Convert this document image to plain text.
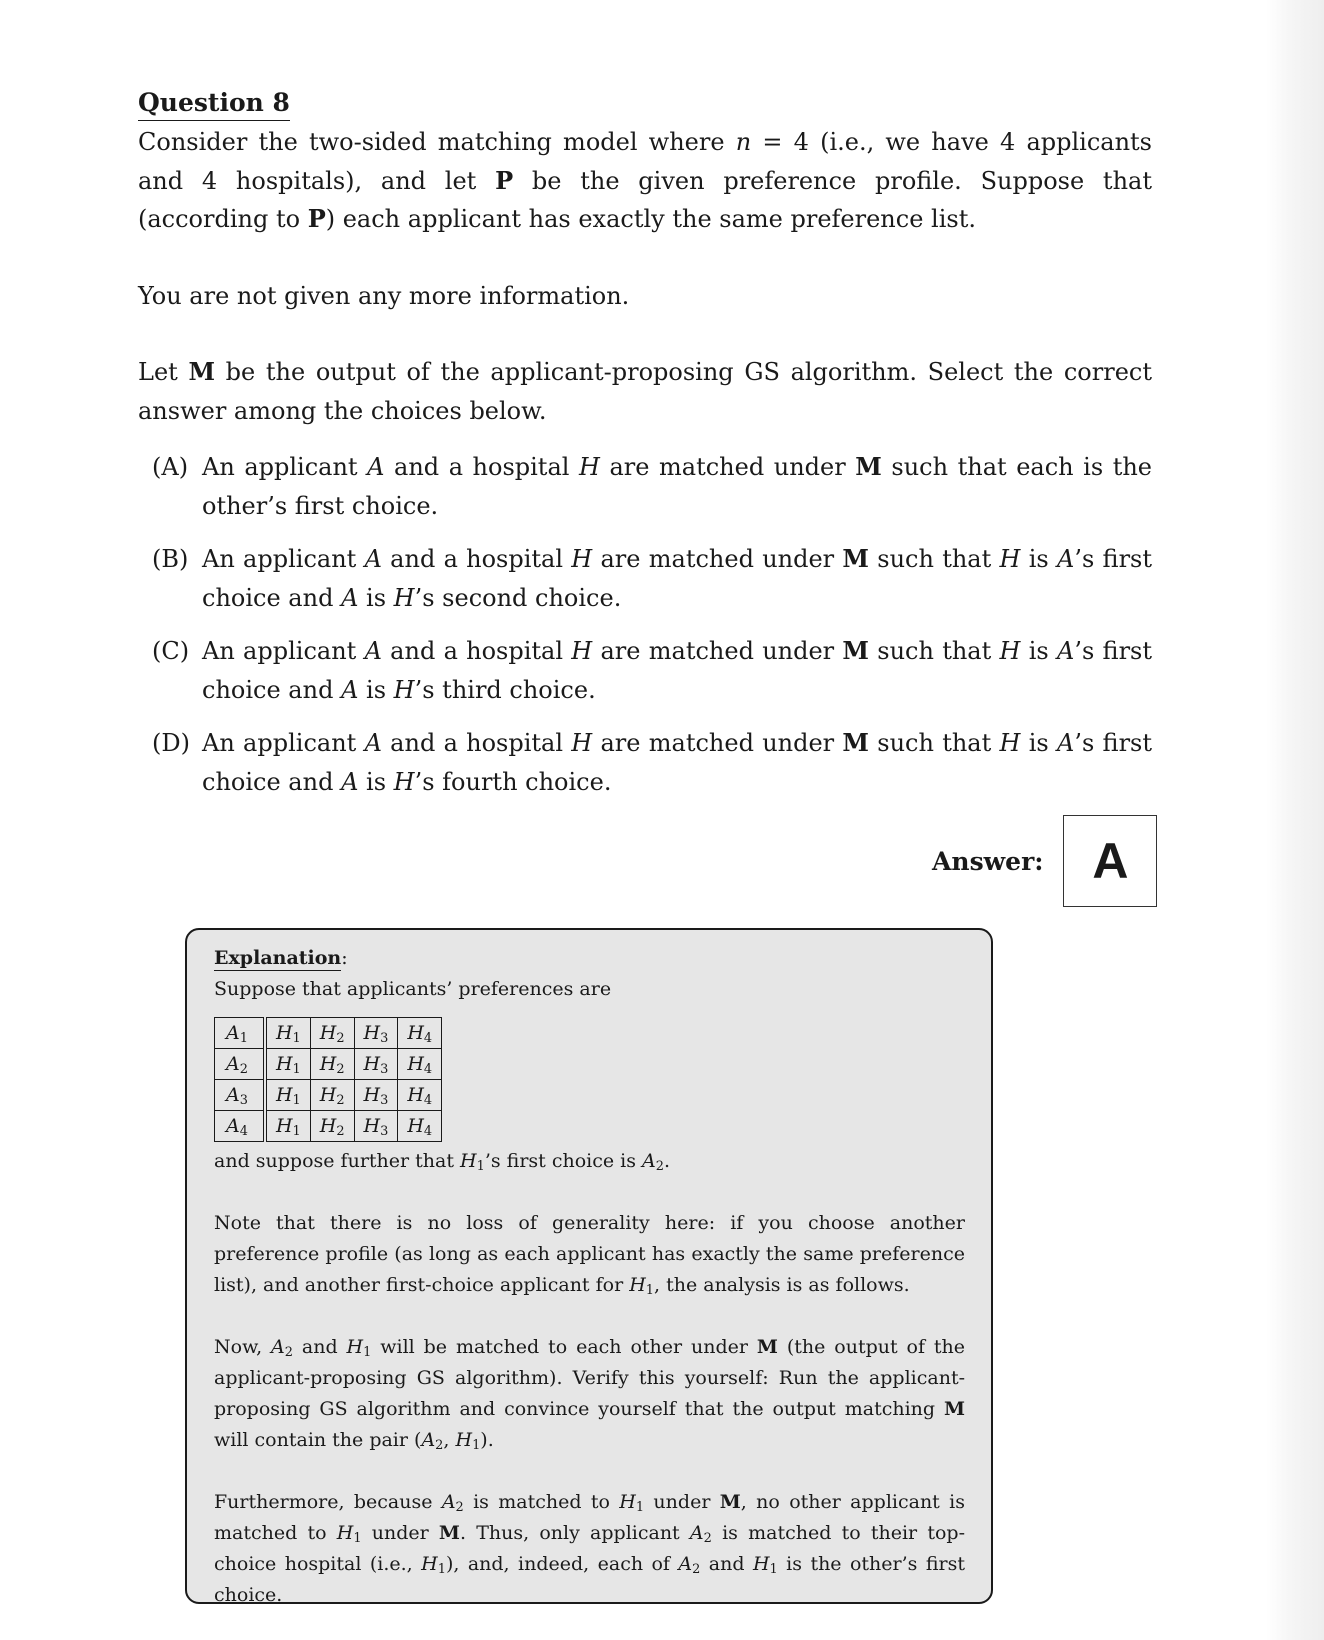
Question 8

Consider the two-sided matching model where n = 4 (i.e., we have 4 applicants and 4 hospitals), and let P be the given preference profile. Suppose that (according to P) each applicant has exactly the same preference list.

You are not given any more information.

Let M be the output of the applicant-proposing GS algorithm. Select the correct answer among the choices below.

(A) An applicant A and a hospital H are matched under M such that each is the other’s first choice.
(B) An applicant A and a hospital H are matched under M such that H is A’s first choice and A is H’s second choice.
(C) An applicant A and a hospital H are matched under M such that H is A’s first choice and A is H’s third choice.
(D) An applicant A and a hospital H are matched under M such that H is A’s first choice and A is H’s fourth choice.
Answer: A
Explanation:

Suppose that applicants’ preferences are

$A_1$	$H_1$	$H_2$	$H_3$	$H_4$
$A_2$	$H_1$	$H_2$	$H_3$	$H_4$
$A_3$	$H_1$	$H_2$	$H_3$	$H_4$
$A_4$	$H_1$	$H_2$	$H_3$	$H_4$

and suppose further that $H_1’s$ first choice is $A_2$.

Note that there is no loss of generality here: if you choose another preference profile (as long as each applicant has exactly the same preference list), and another first-choice applicant for $H_1$, the analysis is as follows.

Now, $A_2$ and $H_1$ will be matched to each other under M (the output of the applicant-proposing GS algorithm). Verify this yourself: Run the applicant-proposing GS algorithm and convince yourself that the output matching M will contain the pair ($A_2$, $H_1$).

Furthermore, because $A_2$ is matched to $H_1$ under M, no other applicant is matched to $H_1$ under M. Thus, only applicant $A_2$ is matched to their top-choice hospital (i.e., $H_1$), and, indeed, each of $A_2$ and $H_1$ is the other’s first choice.
